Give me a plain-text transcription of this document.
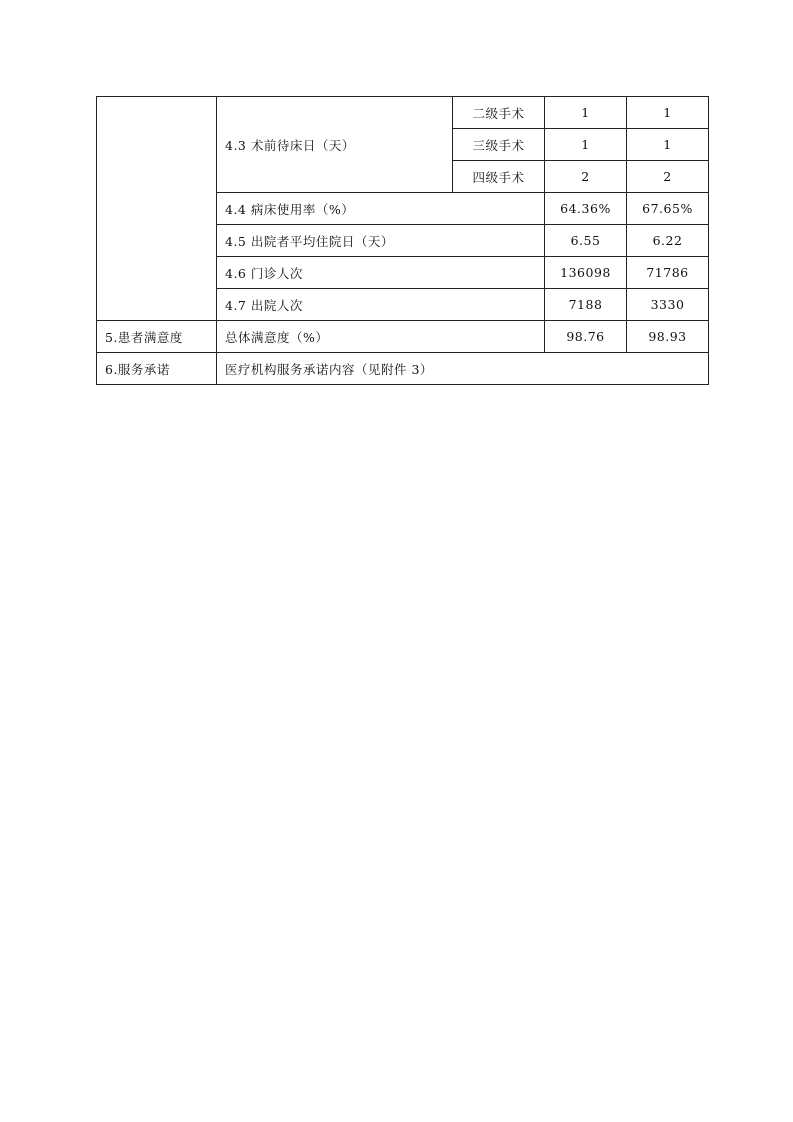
	4.3 术前待床日（天）	二级手术	1	1
		三级手术	1	1
		四级手术	2	2
	4.4 病床使用率（%）		64.36%	67.65%
	4.5 出院者平均住院日（天）		6.55	6.22
	4.6 门诊人次		136098	71786
	4.7 出院人次		7188	3330
5.患者满意度	总体满意度（%）		98.76	98.93
6.服务承诺	医疗机构服务承诺内容（见附件 3）			
